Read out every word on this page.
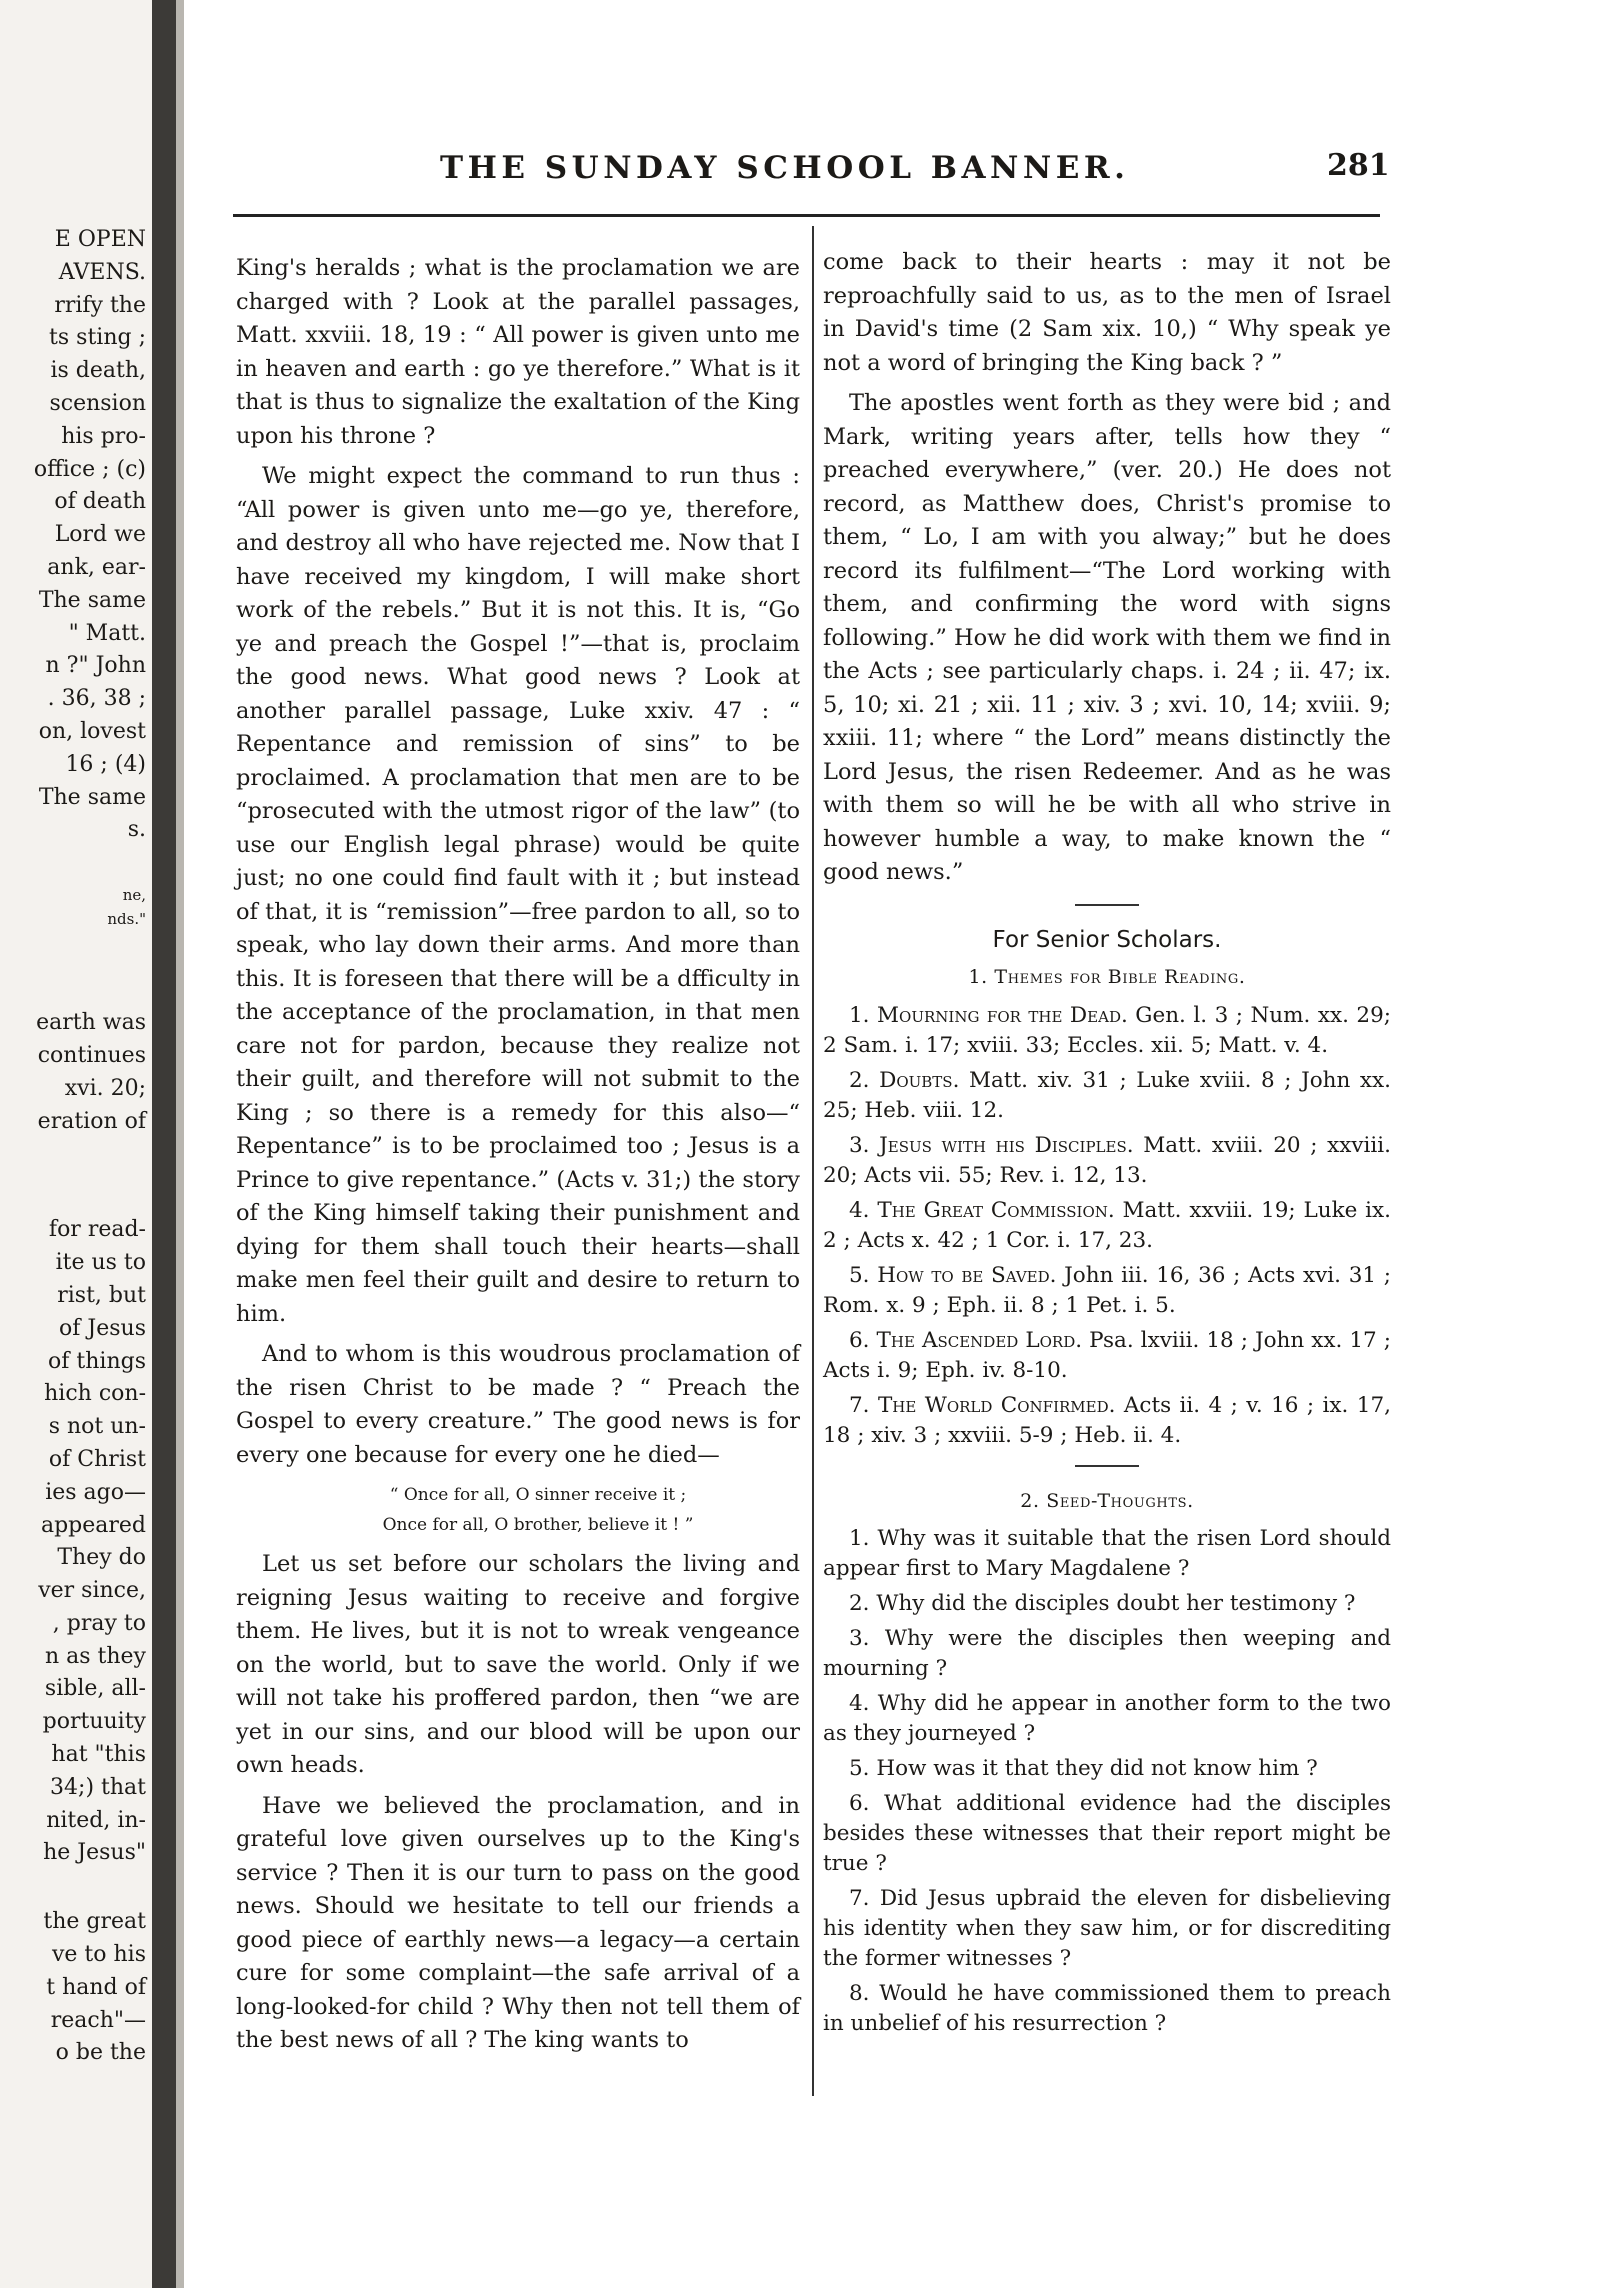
E OPEN
AVENS.
rrify the
ts sting ;
is death,
scension
his pro-
office ; (c)
of death
Lord we
ank, ear-
The same
" Matt.
n ?" John
. 36, 38 ;
on, lovest
16 ; (4)
The same
s.
ne,
nds."
earth was
continues
xvi. 20;
eration of
for read-
ite us to
rist, but
of Jesus
of things
hich con-
s not un-
of Christ
ies ago—
appeared
They do
ver since,
, pray to
n as they
sible, all-
portuuity
hat "this
34;) that
nited, in-
he Jesus"
the great
ve to his
t hand of
reach"—
o be the
THE SUNDAY SCHOOL BANNER.	281

King's heralds ; what is the proclamation we are charged with ? Look at the parallel passages, Matt. xxviii. 18, 19 : “ All power is given unto me in heaven and earth : go ye therefore.” What is it that is thus to signalize the exaltation of the King upon his throne ?

We might expect the command to run thus : “All power is given unto me—go ye, therefore, and destroy all who have rejected me. Now that I have received my kingdom, I will make short work of the rebels.” But it is not this. It is, “Go ye and preach the Gospel !”—that is, proclaim the good news. What good news ? Look at another parallel passage, Luke xxiv. 47 : “ Repentance and remission of sins” to be proclaimed. A proclamation that men are to be “prosecuted with the utmost rigor of the law” (to use our English legal phrase) would be quite just; no one could find fault with it ; but instead of that, it is “remission”—free pardon to all, so to speak, who lay down their arms. And more than this. It is foreseen that there will be a dfficulty in the acceptance of the proclamation, in that men care not for pardon, because they realize not their guilt, and therefore will not submit to the King ; so there is a remedy for this also—“ Repentance” is to be proclaimed too ; Jesus is a Prince to give repentance.” (Acts v. 31;) the story of the King himself taking their punishment and dying for them shall touch their hearts—shall make men feel their guilt and desire to return to him.

And to whom is this woudrous proclamation of the risen Christ to be made ? “ Preach the Gospel to every creature.” The good news is for every one because for every one he died—

“ Once for all, O sinner receive it ;
Once for all, O brother, believe it ! ”

Let us set before our scholars the living and reigning Jesus waiting to receive and forgive them. He lives, but it is not to wreak vengeance on the world, but to save the world. Only if we will not take his proffered pardon, then “we are yet in our sins, and our blood will be upon our own heads.

Have we believed the proclamation, and in grateful love given ourselves up to the King's service ? Then it is our turn to pass on the good news. Should we hesitate to tell our friends a good piece of earthly news—a legacy—a certain cure for some complaint—the safe arrival of a long-looked-for child ? Why then not tell them of the best news of all ? The king wants to

come back to their hearts : may it not be reproachfully said to us, as to the men of Israel in David's time (2 Sam xix. 10,) “ Why speak ye not a word of bringing the King back ? ”

The apostles went forth as they were bid ; and Mark, writing years after, tells how they “ preached everywhere,” (ver. 20.) He does not record, as Matthew does, Christ's promise to them, “ Lo, I am with you alway;” but he does record its fulfilment—“The Lord working with them, and confirming the word with signs following.” How he did work with them we find in the Acts ; see particularly chaps. i. 24 ; ii. 47; ix. 5, 10; xi. 21 ; xii. 11 ; xiv. 3 ; xvi. 10, 14; xviii. 9; xxiii. 11; where “ the Lord” means distinctly the Lord Jesus, the risen Redeemer. And as he was with them so will he be with all who strive in however humble a way, to make known the “ good news.”

For Senior Scholars.
1. Themes for Bible Reading.
1. Mourning for the Dead. Gen. l. 3 ; Num. xx. 29; 2 Sam. i. 17; xviii. 33; Eccles. xii. 5; Matt. v. 4.
2. Doubts. Matt. xiv. 31 ; Luke xviii. 8 ; John xx. 25; Heb. viii. 12.
3. Jesus with his Disciples. Matt. xviii. 20 ; xxviii. 20; Acts vii. 55; Rev. i. 12, 13.
4. The Great Commission. Matt. xxviii. 19; Luke ix. 2 ; Acts x. 42 ; 1 Cor. i. 17, 23.
5. How to be Saved. John iii. 16, 36 ; Acts xvi. 31 ; Rom. x. 9 ; Eph. ii. 8 ; 1 Pet. i. 5.
6. The Ascended Lord. Psa. lxviii. 18 ; John xx. 17 ; Acts i. 9; Eph. iv. 8-10.
7. The World Confirmed. Acts ii. 4 ; v. 16 ; ix. 17, 18 ; xiv. 3 ; xxviii. 5-9 ; Heb. ii. 4.
2. Seed-Thoughts.
1. Why was it suitable that the risen Lord should appear first to Mary Magdalene ?
2. Why did the disciples doubt her testimony ?
3. Why were the disciples then weeping and mourning ?
4. Why did he appear in another form to the two as they journeyed ?
5. How was it that they did not know him ?
6. What additional evidence had the disciples besides these witnesses that their report might be true ?
7. Did Jesus upbraid the eleven for disbelieving his identity when they saw him, or for discrediting the former witnesses ?
8. Would he have commissioned them to preach in unbelief of his resurrection ?
